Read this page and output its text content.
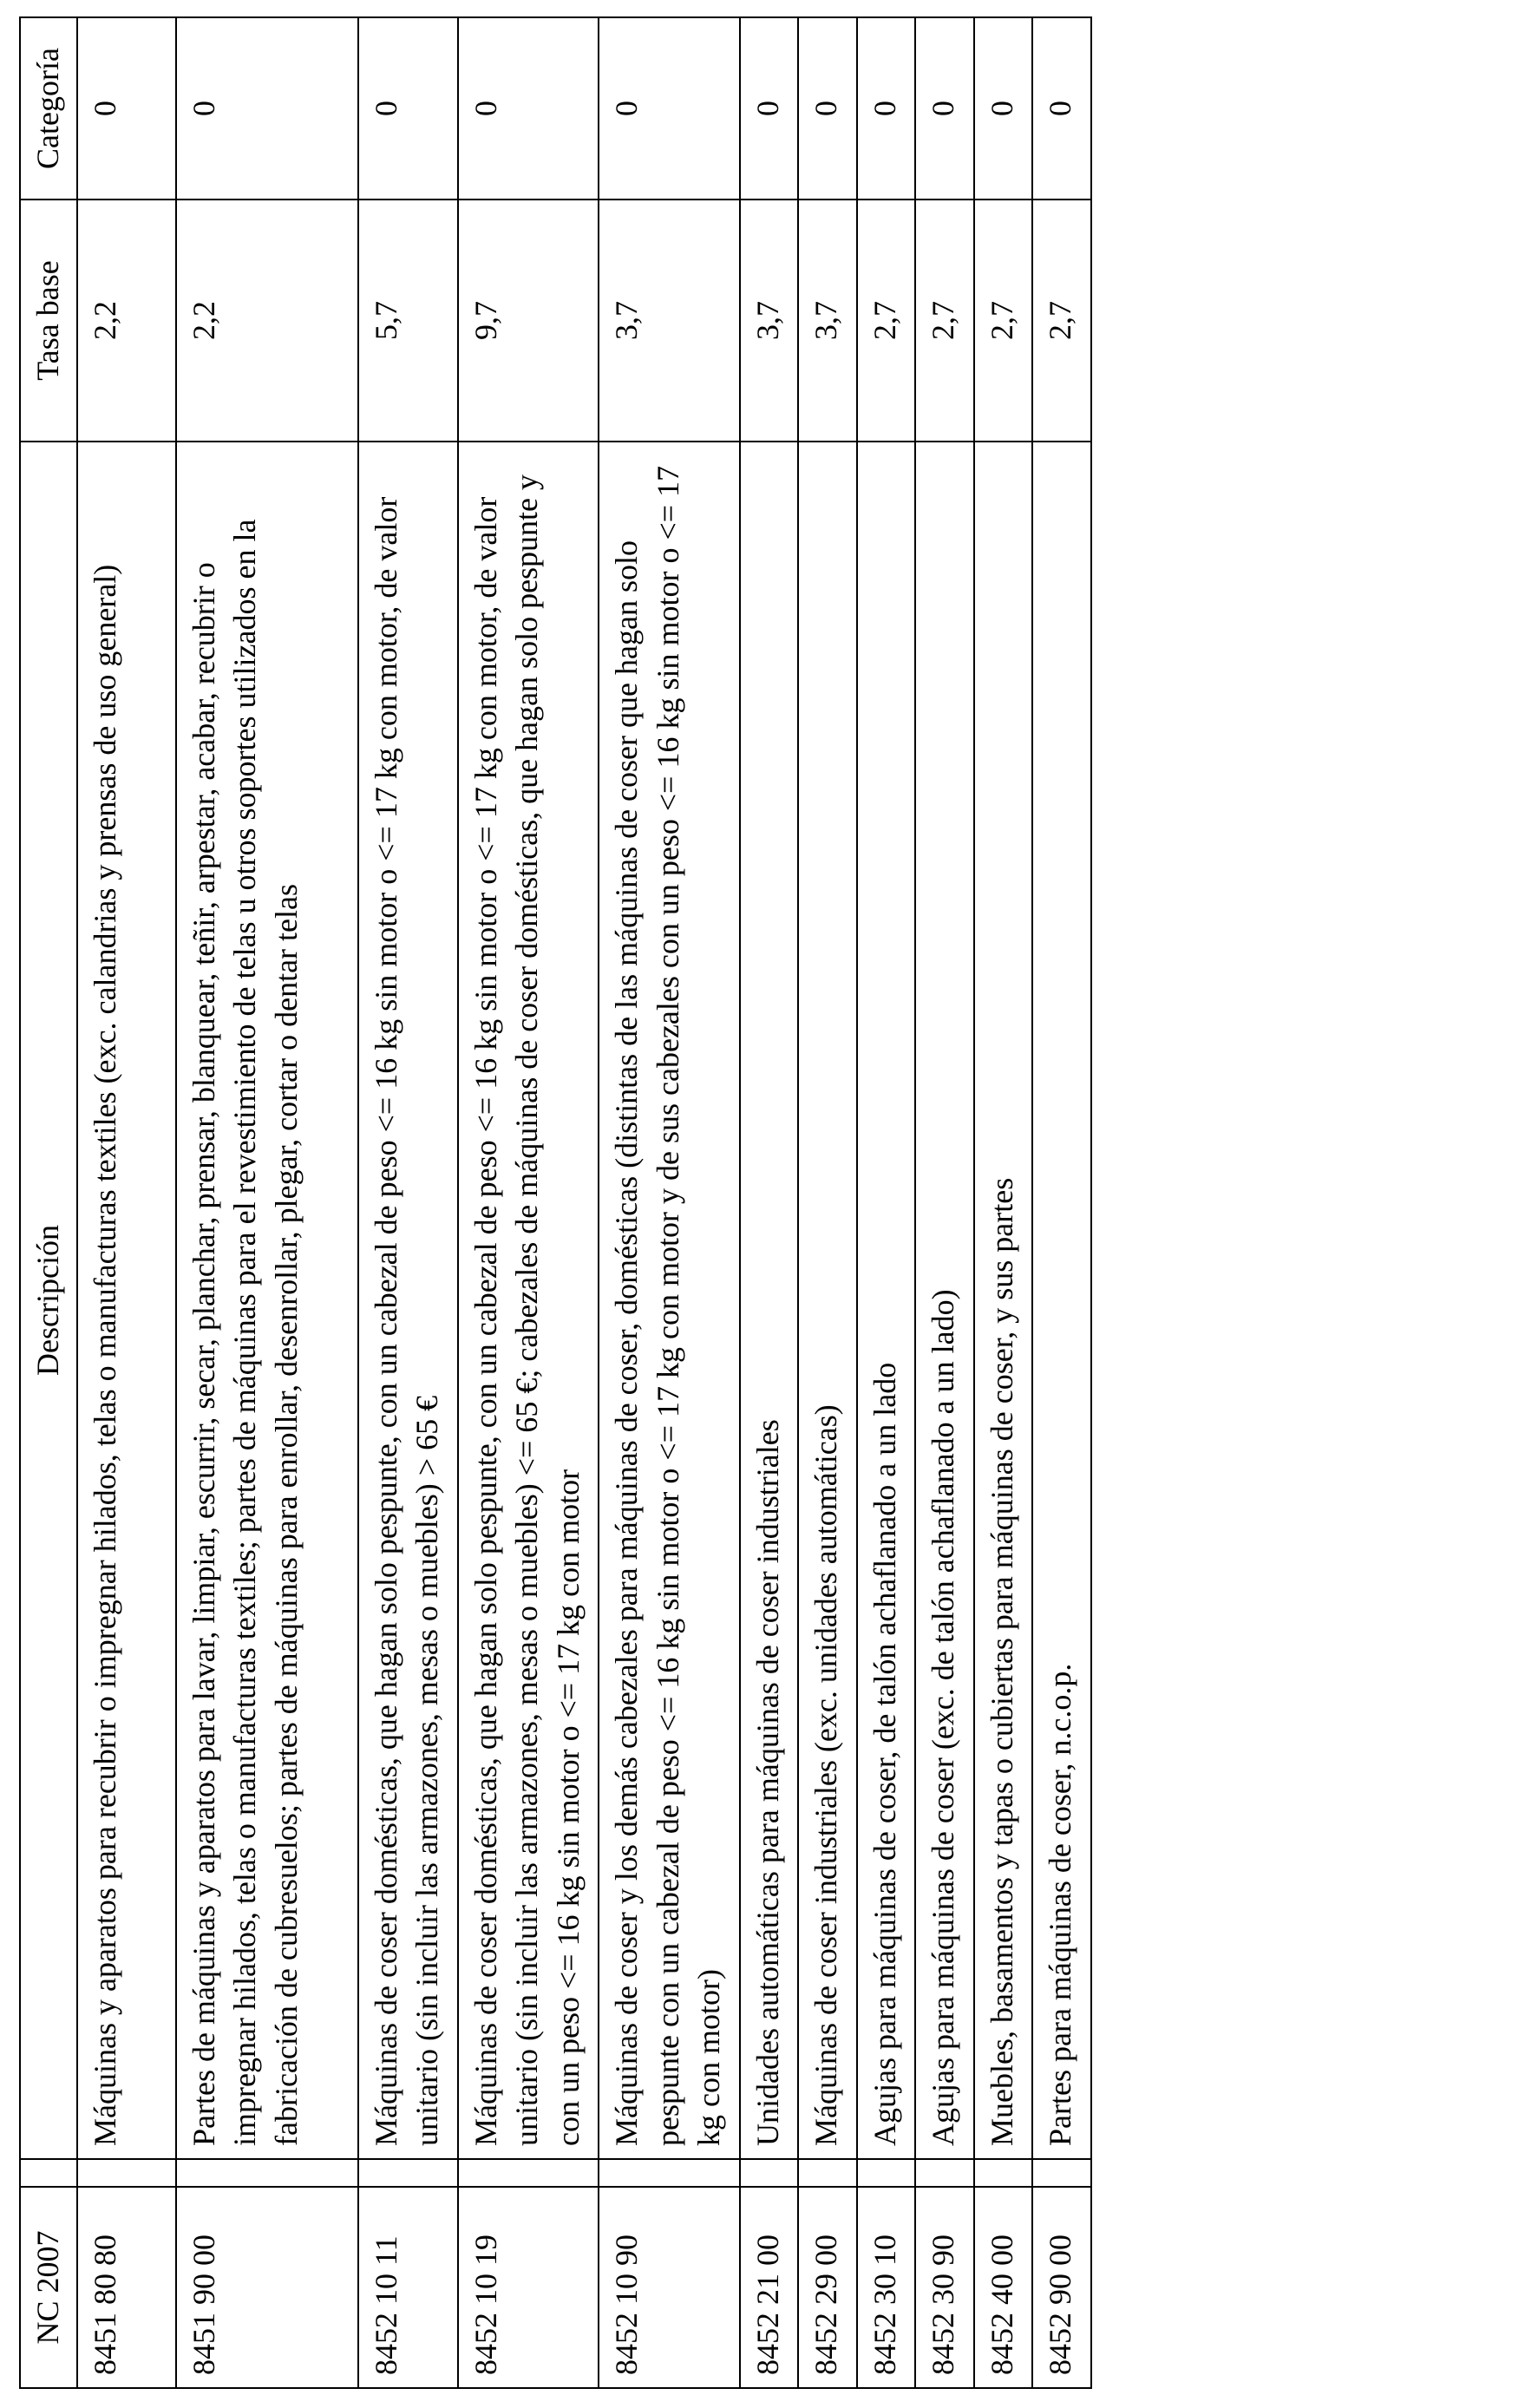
NC 2007		Descripción	Tasa base	Categoría
8451 80 80		Máquinas y aparatos para recubrir o impregnar hilados, telas o manufacturas textiles (exc. calandrias y prensas de uso general)	2,2	0
8451 90 00		Partes de máquinas y aparatos para lavar, limpiar, escurrir, secar, planchar, prensar, blanquear, teñir, arpestar, acabar, recubrir o impregnar hilados, telas o manufacturas textiles; partes de máquinas para el revestimiento de telas u otros soportes utilizados en la fabricación de cubresuelos; partes de máquinas para enrollar, desenrollar, plegar, cortar o dentar telas	2,2	0
8452 10 11		Máquinas de coser domésticas, que hagan solo pespunte, con un cabezal de peso <= 16 kg sin motor o <= 17 kg con motor, de valor unitario (sin incluir las armazones, mesas o muebles) > 65 €	5,7	0
8452 10 19		Máquinas de coser domésticas, que hagan solo pespunte, con un cabezal de peso <= 16 kg sin motor o <= 17 kg con motor, de valor unitario (sin incluir las armazones, mesas o muebles) <= 65 €; cabezales de máquinas de coser domésticas, que hagan solo pespunte y con un peso <= 16 kg sin motor o <= 17 kg con motor	9,7	0
8452 10 90		Máquinas de coser y los demás cabezales para máquinas de coser, domésticas (distintas de las máquinas de coser que hagan solo pespunte con un cabezal de peso <= 16 kg sin motor o <= 17 kg con motor y de sus cabezales con un peso <= 16 kg sin motor o <= 17 kg con motor)	3,7	0
8452 21 00		Unidades automáticas para máquinas de coser industriales	3,7	0
8452 29 00		Máquinas de coser industriales (exc. unidades automáticas)	3,7	0
8452 30 10		Agujas para máquinas de coser, de talón achaflanado a un lado	2,7	0
8452 30 90		Agujas para máquinas de coser (exc. de talón achaflanado a un lado)	2,7	0
8452 40 00		Muebles, basamentos y tapas o cubiertas para máquinas de coser, y sus partes	2,7	0
8452 90 00		Partes para máquinas de coser, n.c.o.p.	2,7	0
